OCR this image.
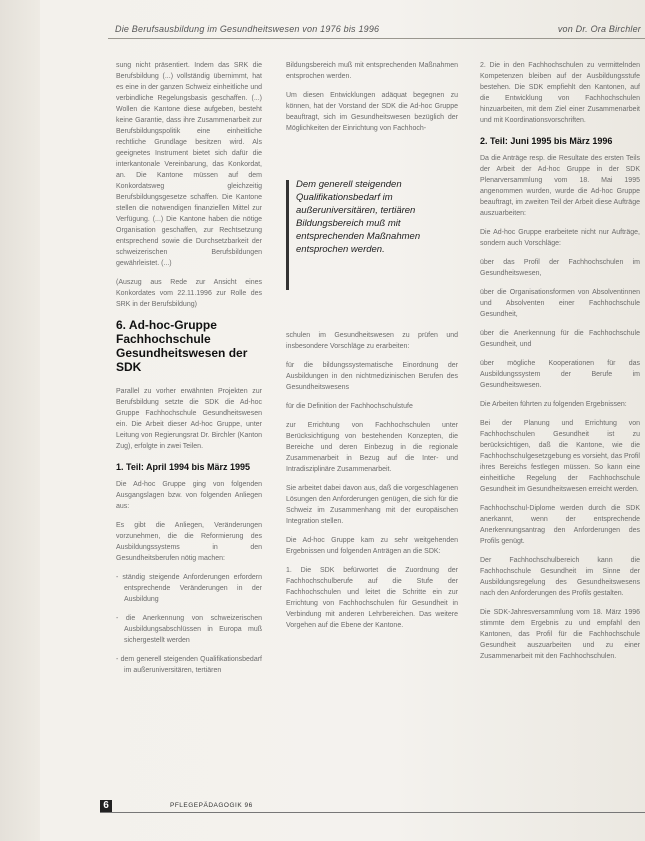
Die Berufsausbildung im Gesundheitswesen von 1976 bis 1996	von Dr. Ora Birchler

sung nicht präsentiert. Indem das SRK die Berufsbildung (...) vollständig übernimmt, hat es eine in der ganzen Schweiz einheitliche und verbindliche Regelungsbasis geschaffen. (...) Wollen die Kantone diese aufgeben, besteht keine Garantie, dass ihre Zusammenarbeit zur Berufsbildungspolitik eine einheitliche rechtliche Grundlage besitzen wird. Als geeignetes Instrument bietet sich dafür die interkantonale Vereinbarung, das Konkordat, an. Die Kantone müssen auf dem Konkordatsweg gleichzeitig Berufsbildungsgesetze schaffen. Die Kantone stellen die notwendigen finanziellen Mittel zur Verfügung. (...) Die Kantone haben die nötige Organisation geschaffen, zur Rechtsetzung entsprechend sowie die Durchsetzbarkeit der schweizerischen Berufsbildungen gewährleistet. (...)

(Auszug aus Rede zur Ansicht eines Konkordates vom 22.11.1996 zur Rolle des SRK in der Berufsbildung)

6. Ad-hoc-Gruppe Fachhochschule Gesundheitswesen der SDK

Parallel zu vorher erwähnten Projekten zur Berufsbildung setzte die SDK die Ad-hoc Gruppe Fachhochschule Gesundheitswesen ein. Die Arbeit dieser Ad-hoc Gruppe, unter Leitung von Regierungsrat Dr. Birchler (Kanton Zug), erfolgte in zwei Teilen.

1. Teil: April 1994 bis März 1995

Die Ad-hoc Gruppe ging von folgenden Ausgangslagen bzw. von folgenden Anliegen aus:

Es gibt die Anliegen, Veränderungen vorzunehmen, die die Reformierung des Ausbildungssystems in den Gesundheitsberufen nötig machen:

- ständig steigende Anforderungen erfordern entsprechende Veränderungen in der Ausbildung

- die Anerkennung von schweizerischen Ausbildungsabschlüssen in Europa muß sichergestellt werden

- dem generell steigenden Qualifikationsbedarf im außeruniversitären, tertiären

Bildungsbereich muß mit entsprechenden Maßnahmen entsprochen werden.

Um diesen Entwicklungen adäquat begegnen zu können, hat der Vorstand der SDK die Ad-hoc Gruppe beauftragt, sich im Gesundheitswesen bezüglich der Möglichkeiten der Einrichtung von Fachhoch-

Dem generell steigenden Qualifikationsbedarf im außeruniversitären, tertiären Bildungsbereich muß mit entsprechenden Maßnahmen entsprochen werden.

schulen im Gesundheitswesen zu prüfen und insbesondere Vorschläge zu erarbeiten:

für die bildungssystematische Einordnung der Ausbildungen in den nichtmedizinischen Berufen des Gesundheitswesens

für die Definition der Fachhochschulstufe

zur Errichtung von Fachhochschulen unter Berücksichtigung von bestehenden Konzepten, die Bereiche und deren Einbezug in die regionale Zusammenarbeit in Bezug auf die Inter- und Intradisziplinäre Zusammenarbeit.

Sie arbeitet dabei davon aus, daß die vorgeschlagenen Lösungen den Anforderungen genügen, die sich für die Schweiz im Zusammenhang mit der europäischen Integration stellen.

Die Ad-hoc Gruppe kam zu sehr weitgehenden Ergebnissen und folgenden Anträgen an die SDK:

1. Die SDK befürwortet die Zuordnung der Fachhochschulberufe auf die Stufe der Fachhochschulen und leitet die Schritte ein zur Errichtung von Fachhochschulen für Gesundheit in Verbindung mit anderen Lehrbereichen. Das weitere Vorgehen auf die Ebene der Kantone.

2. Die in den Fachhochschulen zu vermittelnden Kompetenzen bleiben auf der Ausbildungsstufe bestehen. Die SDK empfiehlt den Kantonen, auf die Entwicklung von Fachhochschulen hinzuarbeiten, mit dem Ziel einer Zusammenarbeit und mit Koordinationsvorschriften.

2. Teil: Juni 1995 bis März 1996

Da die Anträge resp. die Resultate des ersten Teils der Arbeit der Ad-hoc Gruppe in der SDK Plenarversammlung vom 18. Mai 1995 angenommen wurden, wurde die Ad-hoc Gruppe beauftragt, im zweiten Teil der Arbeit diese Aufträge auszuarbeiten:

Die Ad-hoc Gruppe erarbeitete nicht nur Aufträge, sondern auch Vorschläge:

über das Profil der Fachhochschulen im Gesundheitswesen,

über die Organisationsformen von Absolventinnen und Absolventen einer Fachhochschule Gesundheit,

über die Anerkennung für die Fachhochschule Gesundheit, und

über mögliche Kooperationen für das Ausbildungssystem der Berufe im Gesundheitswesen.

Die Arbeiten führten zu folgenden Ergebnissen:

Bei der Planung und Errichtung von Fachhochschulen Gesundheit ist zu berücksichtigen, daß die Kantone, wie die Fachhochschulgesetzgebung es vorsieht, das Profil ihres Bereichs festlegen müssen. So kann eine einheitliche Regelung der Fachhochschule Gesundheit im Gesundheitswesen erreicht werden.

Fachhochschul-Diplome werden durch die SDK anerkannt, wenn der entsprechende Anerkennungsantrag den Anforderungen des Profils genügt.

Der Fachhochschulbereich kann die Fachhochschule Gesundheit im Sinne der Ausbildungsregelung des Gesundheitswesens nach den Anforderungen des Profils gestalten.

Die SDK-Jahresversammlung vom 18. März 1996 stimmte dem Ergebnis zu und empfahl den Kantonen, das Profil für die Fachhochschule Gesundheit auszuarbeiten und zu einer Zusammenarbeit mit den Fachhochschulen.

6	PFLEGEPÄDAGOGIK 96
